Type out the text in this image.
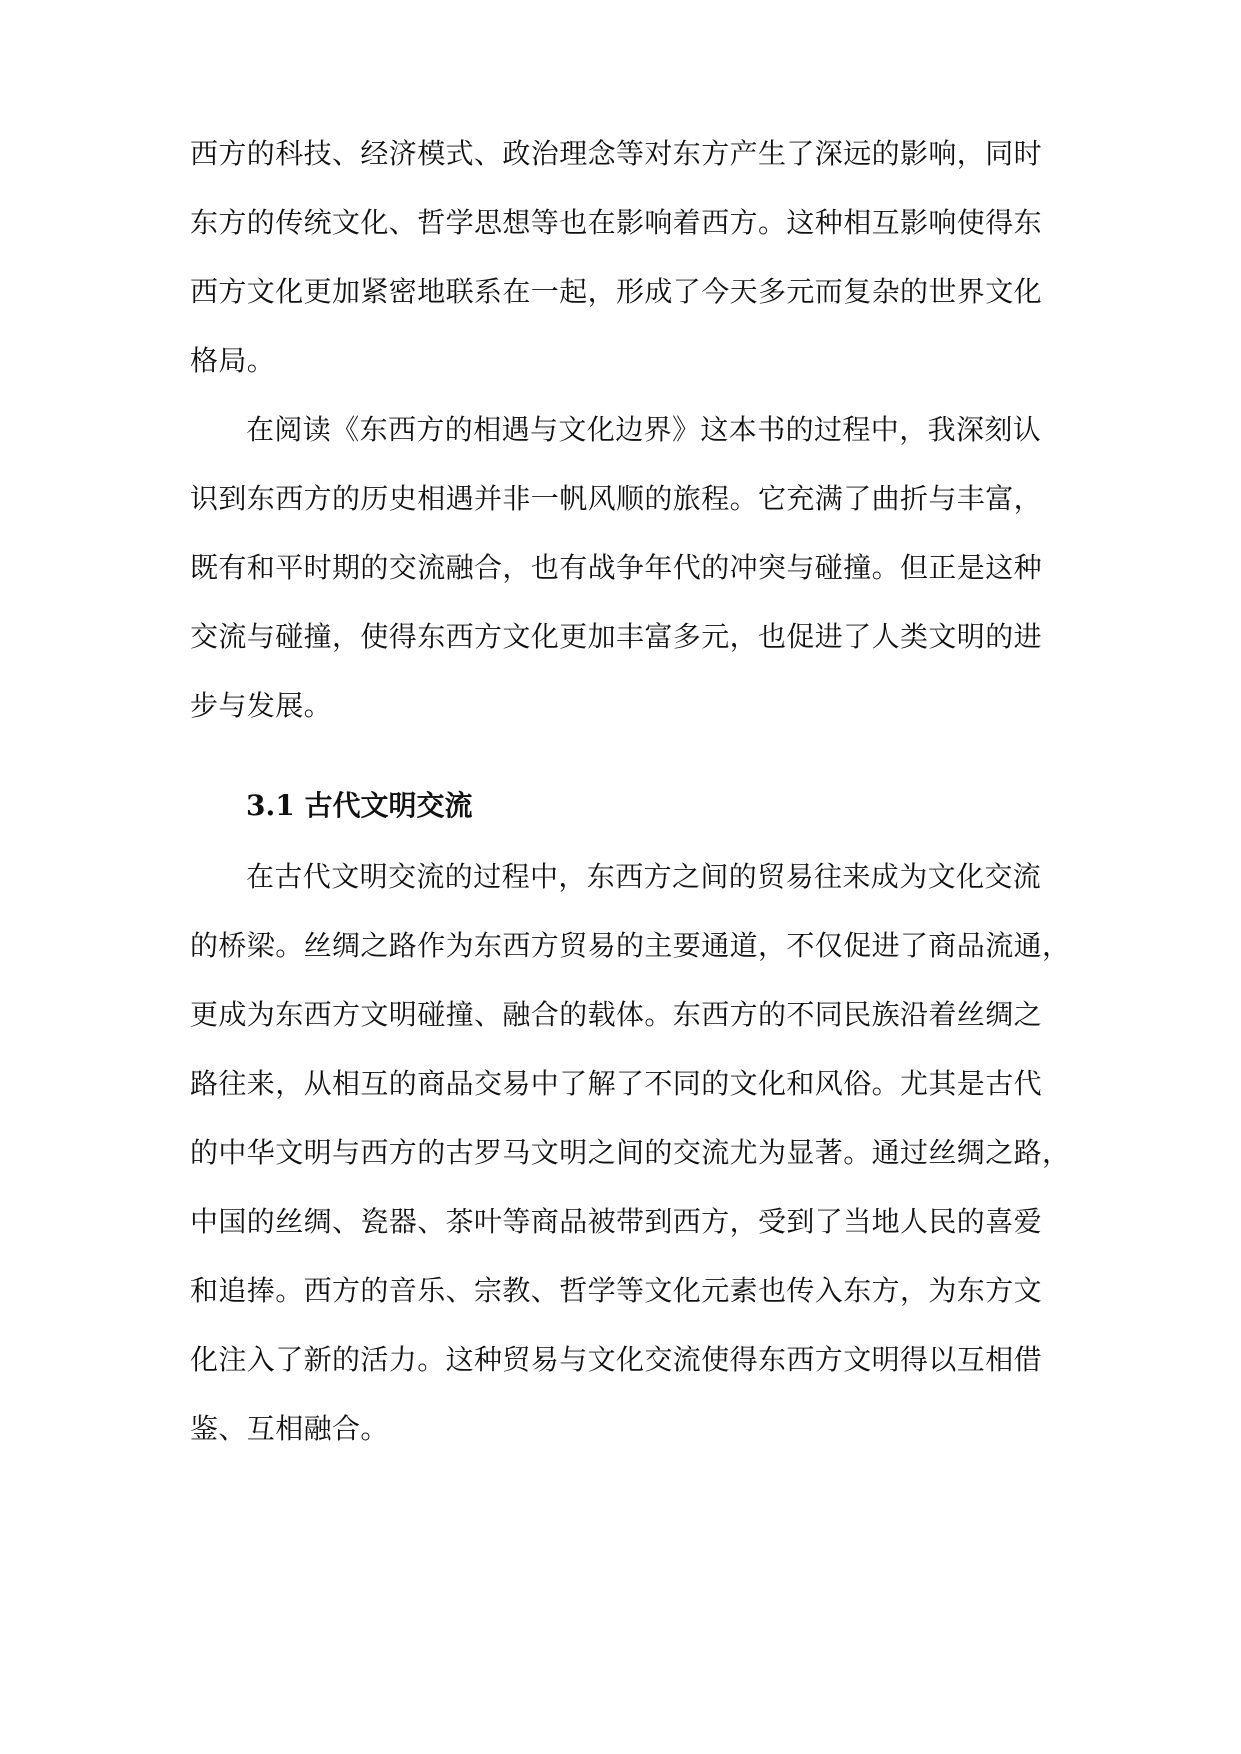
西方的科技、经济模式、政治理念等对东方产生了深远的影响，同时
东方的传统文化、哲学思想等也在影响着西方。这种相互影响使得东
西方文化更加紧密地联系在一起，形成了今天多元而复杂的世界文化
格局。
在阅读《东西方的相遇与文化边界》这本书的过程中，我深刻认
识到东西方的历史相遇并非一帆风顺的旅程。它充满了曲折与丰富，
既有和平时期的交流融合，也有战争年代的冲突与碰撞。但正是这种
交流与碰撞，使得东西方文化更加丰富多元，也促进了人类文明的进
步与发展。
3.1 古代文明交流
在古代文明交流的过程中，东西方之间的贸易往来成为文化交流
的桥梁。丝绸之路作为东西方贸易的主要通道，不仅促进了商品流通，
更成为东西方文明碰撞、融合的载体。东西方的不同民族沿着丝绸之
路往来，从相互的商品交易中了解了不同的文化和风俗。尤其是古代
的中华文明与西方的古罗马文明之间的交流尤为显著。通过丝绸之路，
中国的丝绸、瓷器、茶叶等商品被带到西方，受到了当地人民的喜爱
和追捧。西方的音乐、宗教、哲学等文化元素也传入东方，为东方文
化注入了新的活力。这种贸易与文化交流使得东西方文明得以互相借
鉴、互相融合。
